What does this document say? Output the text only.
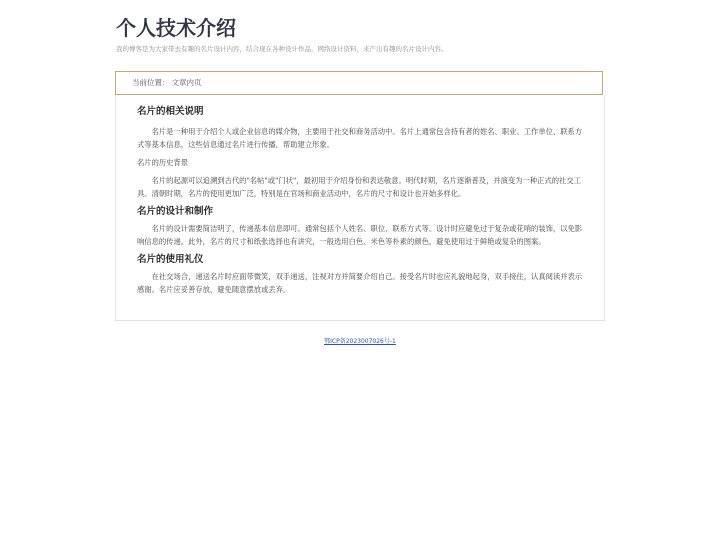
个人技术介绍
我的博客是为大家带去有趣的名片设计内容，结合现在各种设计作品，网络设计资料，来产出有趣的名片设计内容。
当前位置： 文章内页
名片的相关说明

名片是一种用于介绍个人或企业信息的媒介物，主要用于社交和商务活动中。名片上通常包含持有者的姓名、职业、工作单位、联系方式等基本信息，这些信息通过名片进行传播，帮助建立形象。

名片的历史背景

名片的起源可以追溯到古代的"名帖"或"门状"，最初用于介绍身份和表达敬意。明代时期，名片逐渐普及，并演变为一种正式的社交工具。清朝时期，名片的使用更加广泛，特别是在官场和商业活动中，名片的尺寸和设计也开始多样化。

名片的设计和制作

名片的设计需要简洁明了，传递基本信息即可。通常包括个人姓名、职位、联系方式等。设计时应避免过于复杂或花哨的装饰，以免影响信息的传递。此外，名片的尺寸和纸张选择也有讲究，一般选用白色、米色等朴素的颜色，避免使用过于鲜艳或复杂的图案。

名片的使用礼仪

在社交场合，递送名片时应面带微笑，双手递送，注视对方并简要介绍自己。接受名片时也应礼貌地起身，双手接住，认真阅读并表示感谢。名片应妥善存放，避免随意摆放或丢弃。

鄂ICP备2023007026号-1
